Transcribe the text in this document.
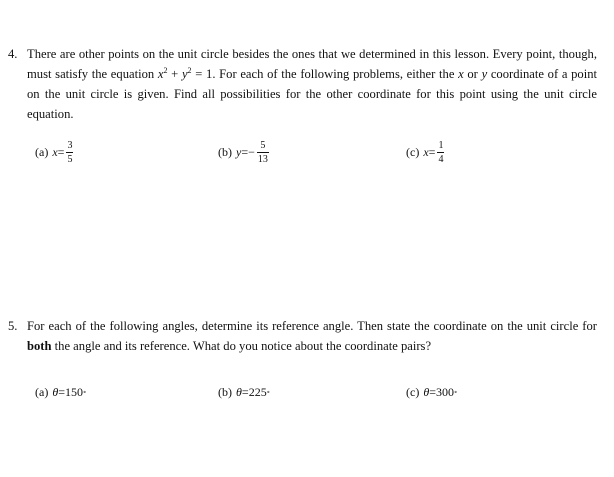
4. There are other points on the unit circle besides the ones that we determined in this lesson. Every point, though, must satisfy the equation $x^2 + y^2 = 1$. For each of the following problems, either the x or y coordinate of a point on the unit circle is given. Find all possibilities for the other coordinate for this point using the unit circle equation.
(a) $x = \frac{3}{5}$	(b) y = − $\frac{5}{13}$	(c) $x = \frac{1}{4}$
5. For each of the following angles, determine its reference angle. Then state the coordinate on the unit circle for both the angle and its reference. What do you notice about the coordinate pairs?
(a) θ = 150 ∘	(b) θ = 225 ∘	(c) θ = 300 ∘
